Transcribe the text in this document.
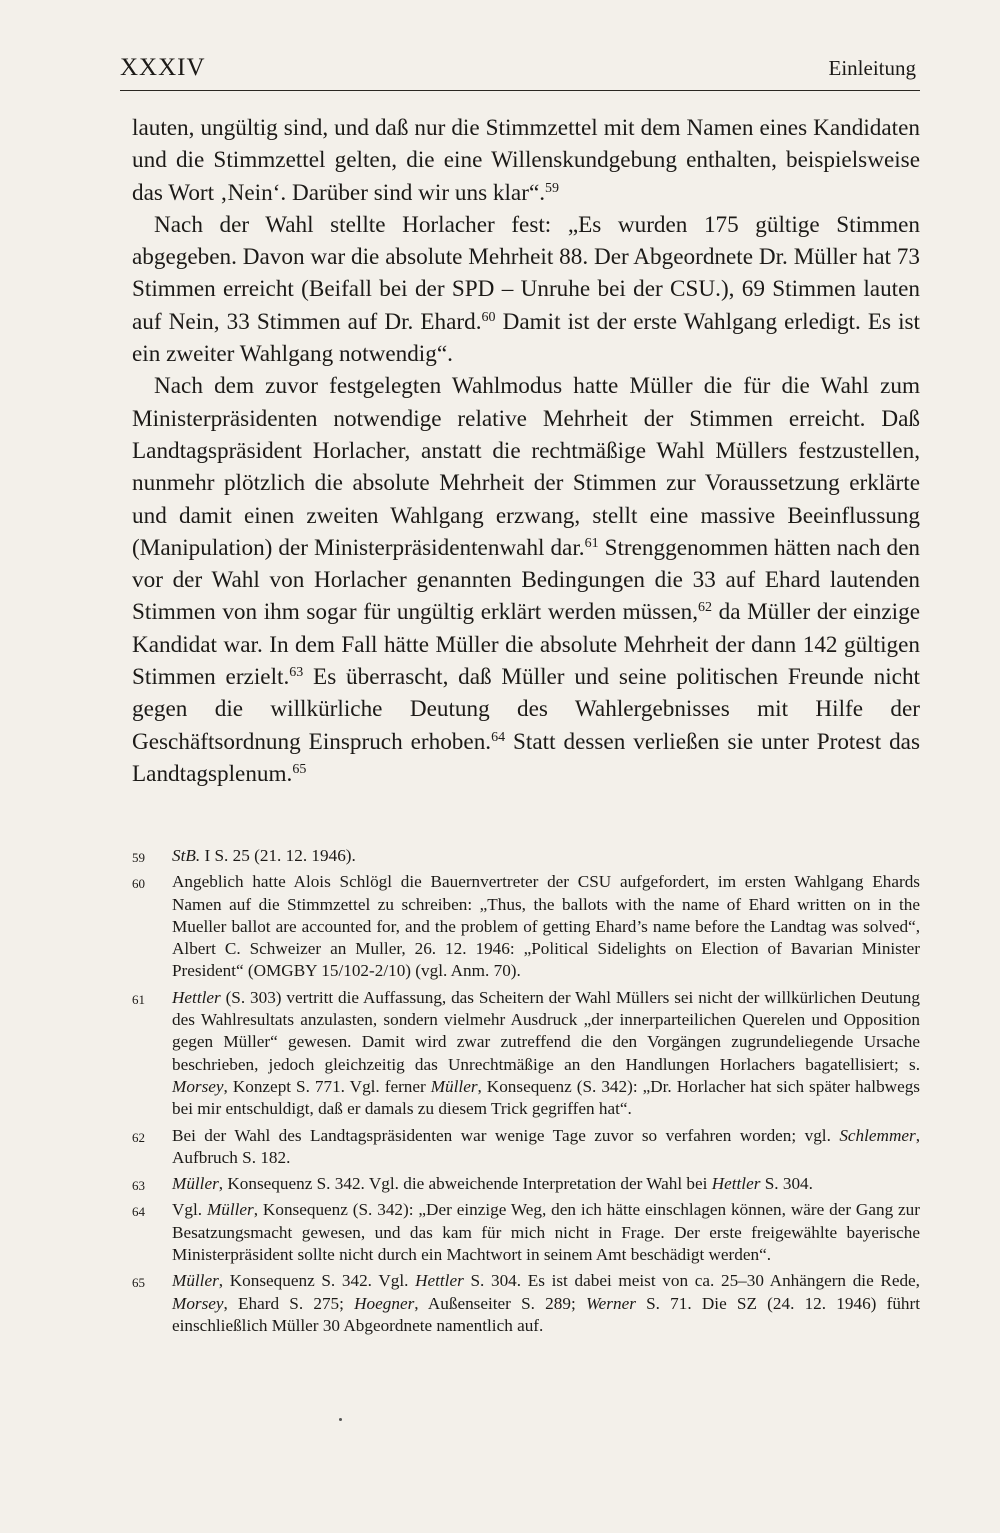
XXXIV	Einleitung

lauten, ungültig sind, und daß nur die Stimmzettel mit dem Namen eines Kandidaten und die Stimmzettel gelten, die eine Willenskundgebung enthalten, beispielsweise das Wort ‚Nein‘. Darüber sind wir uns klar“.$^{59}$

Nach der Wahl stellte Horlacher fest: „Es wurden 175 gültige Stimmen abgegeben. Davon war die absolute Mehrheit 88. Der Abgeordnete Dr. Müller hat 73 Stimmen erreicht (Beifall bei der SPD – Unruhe bei der CSU.), 69 Stimmen lauten auf Nein, 33 Stimmen auf Dr. Ehard.$^{60}$ Damit ist der erste Wahlgang erledigt. Es ist ein zweiter Wahlgang notwendig“.

Nach dem zuvor festgelegten Wahlmodus hatte Müller die für die Wahl zum Ministerpräsidenten notwendige relative Mehrheit der Stimmen erreicht. Daß Landtagspräsident Horlacher, anstatt die rechtmäßige Wahl Müllers festzustellen, nunmehr plötzlich die absolute Mehrheit der Stimmen zur Voraussetzung erklärte und damit einen zweiten Wahlgang erzwang, stellt eine massive Beeinflussung (Manipulation) der Ministerpräsidentenwahl dar.$^{61}$ Strenggenommen hätten nach den vor der Wahl von Horlacher genannten Bedingungen die 33 auf Ehard lautenden Stimmen von ihm sogar für ungültig erklärt werden müssen,$^{62}$ da Müller der einzige Kandidat war. In dem Fall hätte Müller die absolute Mehrheit der dann 142 gültigen Stimmen erzielt.$^{63}$ Es überrascht, daß Müller und seine politischen Freunde nicht gegen die willkürliche Deutung des Wahlergebnisses mit Hilfe der Geschäftsordnung Einspruch erhoben.$^{64}$ Statt dessen verließen sie unter Protest das Landtagsplenum.$^{65}$

59 StB. I S. 25 (21. 12. 1946).
60 Angeblich hatte Alois Schlögl die Bauernvertreter der CSU aufgefordert, im ersten Wahlgang Ehards Namen auf die Stimmzettel zu schreiben: „Thus, the ballots with the name of Ehard written on in the Mueller ballot are accounted for, and the problem of getting Ehard’s name before the Landtag was solved“, Albert C. Schweizer an Muller, 26. 12. 1946: „Political Sidelights on Election of Bavarian Minister President“ (OMGBY 15/102-2/10) (vgl. Anm. 70).
61 Hettler (S. 303) vertritt die Auffassung, das Scheitern der Wahl Müllers sei nicht der willkürlichen Deutung des Wahlresultats anzulasten, sondern vielmehr Ausdruck „der innerparteilichen Querelen und Opposition gegen Müller“ gewesen. Damit wird zwar zutreffend die den Vorgängen zugrundeliegende Ursache beschrieben, jedoch gleichzeitig das Unrechtmäßige an den Handlungen Horlachers bagatellisiert; s. Morsey, Konzept S. 771. Vgl. ferner Müller, Konsequenz (S. 342): „Dr. Horlacher hat sich später halbwegs bei mir entschuldigt, daß er damals zu diesem Trick gegriffen hat“.
62 Bei der Wahl des Landtagspräsidenten war wenige Tage zuvor so verfahren worden; vgl. Schlemmer, Aufbruch S. 182.
63 Müller, Konsequenz S. 342. Vgl. die abweichende Interpretation der Wahl bei Hettler S. 304.
64 Vgl. Müller, Konsequenz (S. 342): „Der einzige Weg, den ich hätte einschlagen können, wäre der Gang zur Besatzungsmacht gewesen, und das kam für mich nicht in Frage. Der erste freigewählte bayerische Ministerpräsident sollte nicht durch ein Machtwort in seinem Amt beschädigt werden“.
65 Müller, Konsequenz S. 342. Vgl. Hettler S. 304. Es ist dabei meist von ca. 25–30 Anhängern die Rede, Morsey, Ehard S. 275; Hoegner, Außenseiter S. 289; Werner S. 71. Die SZ (24. 12. 1946) führt einschließlich Müller 30 Abgeordnete namentlich auf.
